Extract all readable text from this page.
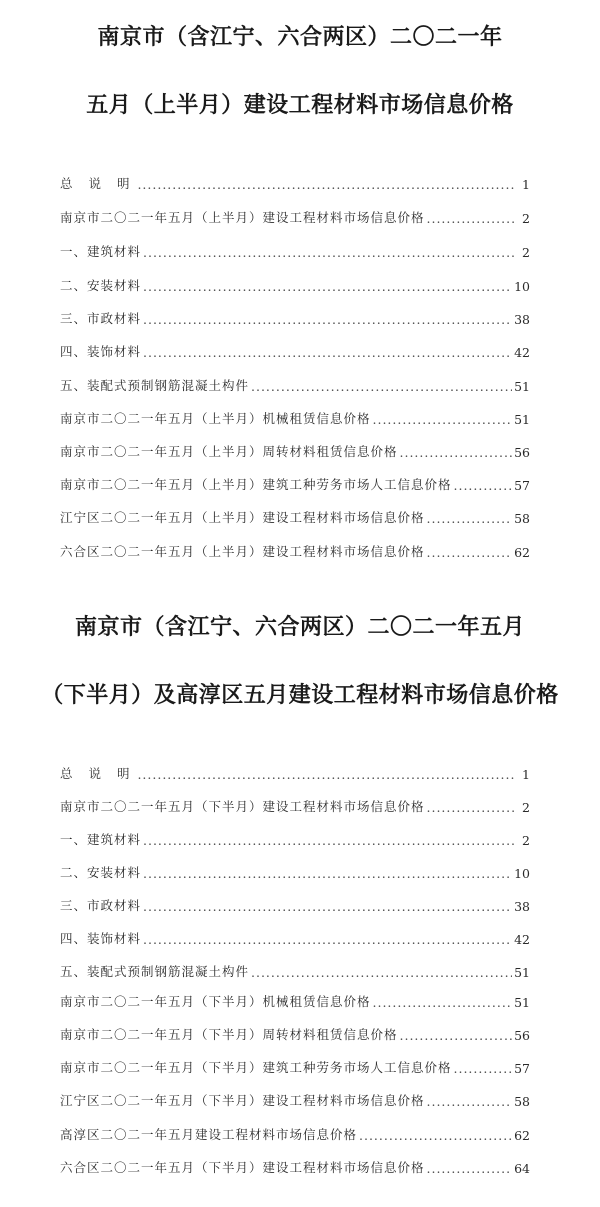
南京市（含江宁、六合两区）二〇二一年
五月（上半月）建设工程材料市场信息价格
总 说 明 .....	1
南京市二〇二一年五月（上半月）建设工程材料市场信息价格 .....	2
一、建筑材料 .....	2
二、安装材料 .....	10
三、市政材料 .....	38
四、装饰材料 .....	42
五、装配式预制钢筋混凝土构件 .....	51
南京市二〇二一年五月（上半月）机械租赁信息价格 .....	51
南京市二〇二一年五月（上半月）周转材料租赁信息价格 .....	56
南京市二〇二一年五月（上半月）建筑工种劳务市场人工信息价格 .....	57
江宁区二〇二一年五月（上半月）建设工程材料市场信息价格 .....	58
六合区二〇二一年五月（上半月）建设工程材料市场信息价格 .....	62
南京市（含江宁、六合两区）二〇二一年五月
（下半月）及高淳区五月建设工程材料市场信息价格
总 说 明 .....	1
南京市二〇二一年五月（下半月）建设工程材料市场信息价格 .....	2
一、建筑材料 .....	2
二、安装材料 .....	10
三、市政材料 .....	38
四、装饰材料 .....	42
五、装配式预制钢筋混凝土构件 .....	51
南京市二〇二一年五月（下半月）机械租赁信息价格 .....	51
南京市二〇二一年五月（下半月）周转材料租赁信息价格 .....	56
南京市二〇二一年五月（下半月）建筑工种劳务市场人工信息价格 .....	57
江宁区二〇二一年五月（下半月）建设工程材料市场信息价格 .....	58
高淳区二〇二一年五月建设工程材料市场信息价格 .....	62
六合区二〇二一年五月（下半月）建设工程材料市场信息价格 .....	64
